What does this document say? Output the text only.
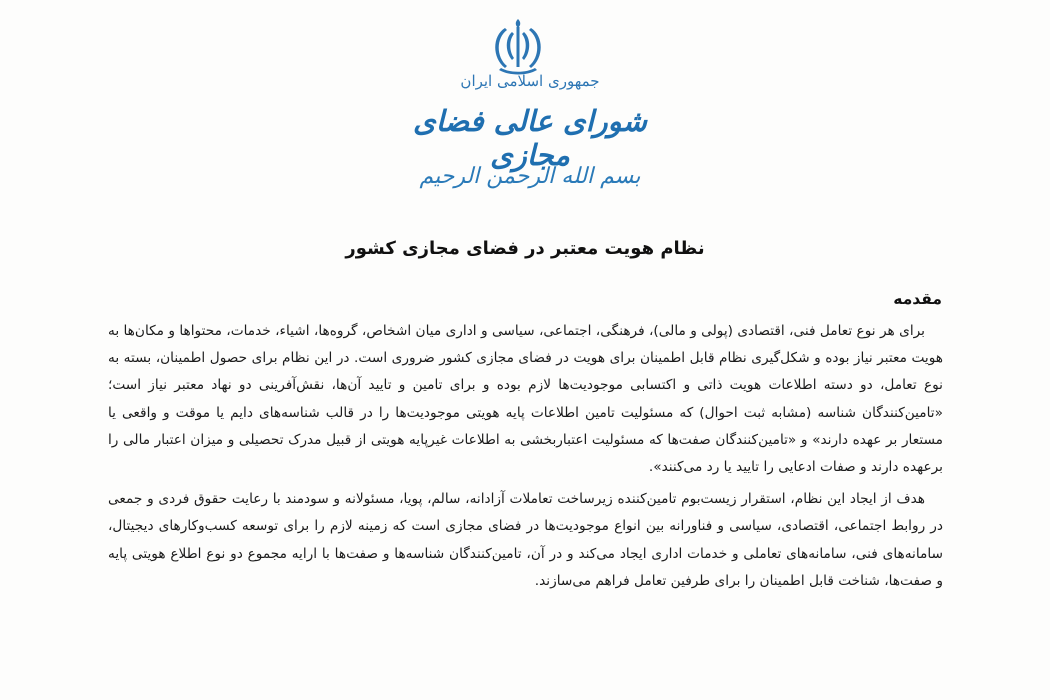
جمهوری اسلامی ایران
شورای عالی فضای مجازی
بسم الله الرحمن الرحیم
نظام هویت معتبر در فضای مجازی کشور
مقدمه

برای هر نوع تعامل فنی، اقتصادی (پولی و مالی)، فرهنگی، اجتماعی، سیاسی و اداری میان اشخاص، گروه‌ها، اشیاء، خدمات، محتواها و مکان‌ها به هویت معتبر نیاز بوده و شکل‌گیری نظام قابل اطمینان برای هویت در فضای مجازی کشور ضروری است. در این نظام برای حصول اطمینان، بسته به نوع تعامل، دو دسته اطلاعات هویت ذاتی و اکتسابی موجودیت‌ها لازم بوده و برای تامین و تایید آن‌ها، نقش‌آفرینی دو نهاد معتبر نیاز است؛ «تامین‌کنندگان شناسه (مشابه ثبت احوال) که مسئولیت تامین اطلاعات پایه هویتی موجودیت‌ها را در قالب شناسه‌های دایم یا موقت و واقعی یا مستعار بر عهده دارند» و «تامین‌کنندگان صفت‌ها که مسئولیت اعتباربخشی به اطلاعات غیرپایه هویتی از قبیل مدرک تحصیلی و میزان اعتبار مالی را برعهده دارند و صفات ادعایی را تایید یا رد می‌کنند».

هدف از ایجاد این نظام، استقرار زیست‌بوم تامین‌کننده زیرساخت تعاملات آزادانه، سالم، پویا، مسئولانه و سودمند با رعایت حقوق فردی و جمعی در روابط اجتماعی، اقتصادی، سیاسی و فناورانه بین انواع موجودیت‌ها در فضای مجازی است که زمینه لازم را برای توسعه کسب‌وکارهای دیجیتال، سامانه‌های فنی، سامانه‌های تعاملی و خدمات اداری ایجاد می‌کند و در آن، تامین‌کنندگان شناسه‌ها و صفت‌ها با ارایه مجموع دو نوع اطلاع هویتی پایه و صفت‌ها، شناخت قابل اطمینان را برای طرفین تعامل فراهم می‌سازند.
